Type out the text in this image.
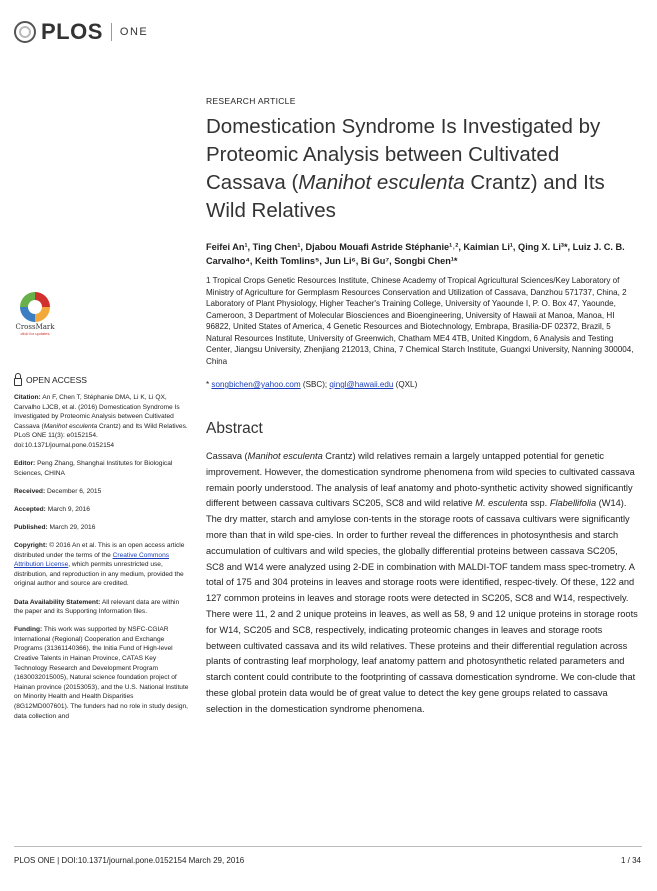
PLOS ONE
RESEARCH ARTICLE
Domestication Syndrome Is Investigated by Proteomic Analysis between Cultivated Cassava (Manihot esculenta Crantz) and Its Wild Relatives
Feifei An¹, Ting Chen¹, Djabou Mouafi Astride Stéphanie¹˒², Kaimian Li¹, Qing X. Li³*, Luiz J. C. B. Carvalho⁴, Keith Tomlins⁵, Jun Li⁶, Bi Gu⁷, Songbi Chen¹*
1 Tropical Crops Genetic Resources Institute, Chinese Academy of Tropical Agricultural Sciences/Key Laboratory of Ministry of Agriculture for Germplasm Resources Conservation and Utilization of Cassava, Danzhou 571737, China, 2 Laboratory of Plant Physiology, Higher Teacher's Training College, University of Yaounde I, P. O. Box 47, Yaounde, Cameroon, 3 Department of Molecular Biosciences and Bioengineering, University of Hawaii at Manoa, Manoa, HI 96822, United States of America, 4 Genetic Resources and Biotechnology, Embrapa, Brasilia-DF 02372, Brazil, 5 Natural Resources Institute, University of Greenwich, Chatham ME4 4TB, United Kingdom, 6 Analysis and Testing Center, Jiangsu University, Zhenjiang 212013, China, 7 Chemical Starch Institute, Guangxi University, Nanning 300004, China
* songbichen@yahoo.com (SBC); qingl@hawaii.edu (QXL)
CrossMark
click for updates
OPEN ACCESS

Citation: An F, Chen T, Stéphanie DMA, Li K, Li QX, Carvalho LJCB, et al. (2016) Domestication Syndrome Is Investigated by Proteomic Analysis between Cultivated Cassava (Manihot esculenta Crantz) and Its Wild Relatives. PLoS ONE 11(3): e0152154. doi:10.1371/journal.pone.0152154

Editor: Peng Zhang, Shanghai Institutes for Biological Sciences, CHINA

Received: December 6, 2015

Accepted: March 9, 2016

Published: March 29, 2016

Copyright: © 2016 An et al. This is an open access article distributed under the terms of the Creative Commons Attribution License, which permits unrestricted use, distribution, and reproduction in any medium, provided the original author and source are credited.

Data Availability Statement: All relevant data are within the paper and its Supporting Information files.

Funding: This work was supported by NSFC-CGIAR International (Regional) Cooperation and Exchange Programs (31361140366), the Initia Fund of High-level Creative Talents in Hainan Province, CATAS Key Technology Research and Development Program (1630032015005), Natural science foundation project of Hainan province (20153053), and the U.S. National Institute on Minority Health and Health Disparities (8G12MD007601). The funders had no role in study design, data collection and

Abstract

Cassava (Manihot esculenta Crantz) wild relatives remain a largely untapped potential for genetic improvement. However, the domestication syndrome phenomena from wild species to cultivated cassava remain poorly understood. The analysis of leaf anatomy and photo-synthetic activity showed significantly different between cassava cultivars SC205, SC8 and wild relative M. esculenta ssp. Flabellifolia (W14). The dry matter, starch and amylose con-tents in the storage roots of cassava cultivars were significantly more than that in wild spe-cies. In order to further reveal the differences in photosynthesis and starch accumulation of cultivars and wild species, the globally differential proteins between cassava SC205, SC8 and W14 were analyzed using 2-DE in combination with MALDI-TOF tandem mass spec-trometry. A total of 175 and 304 proteins in leaves and storage roots were identified, respec-tively. Of these, 122 and 127 common proteins in leaves and storage roots were detected in SC205, SC8 and W14, respectively. There were 11, 2 and 2 unique proteins in leaves, as well as 58, 9 and 12 unique proteins in storage roots for W14, SC205 and SC8, respectively, indicating proteomic changes in leaves and storage roots between cultivated cassava and its wild relatives. These proteins and their differential regulation across plants of contrasting leaf morphology, leaf anatomy pattern and photosynthetic related parameters and starch content could contribute to the footprinting of cassava domestication syndrome. We con-clude that these global protein data would be of great value to detect the key gene groups related to cassava selection in the domestication syndrome phenomena.

PLOS ONE | DOI:10.1371/journal.pone.0152154 March 29, 2016	1 / 34
